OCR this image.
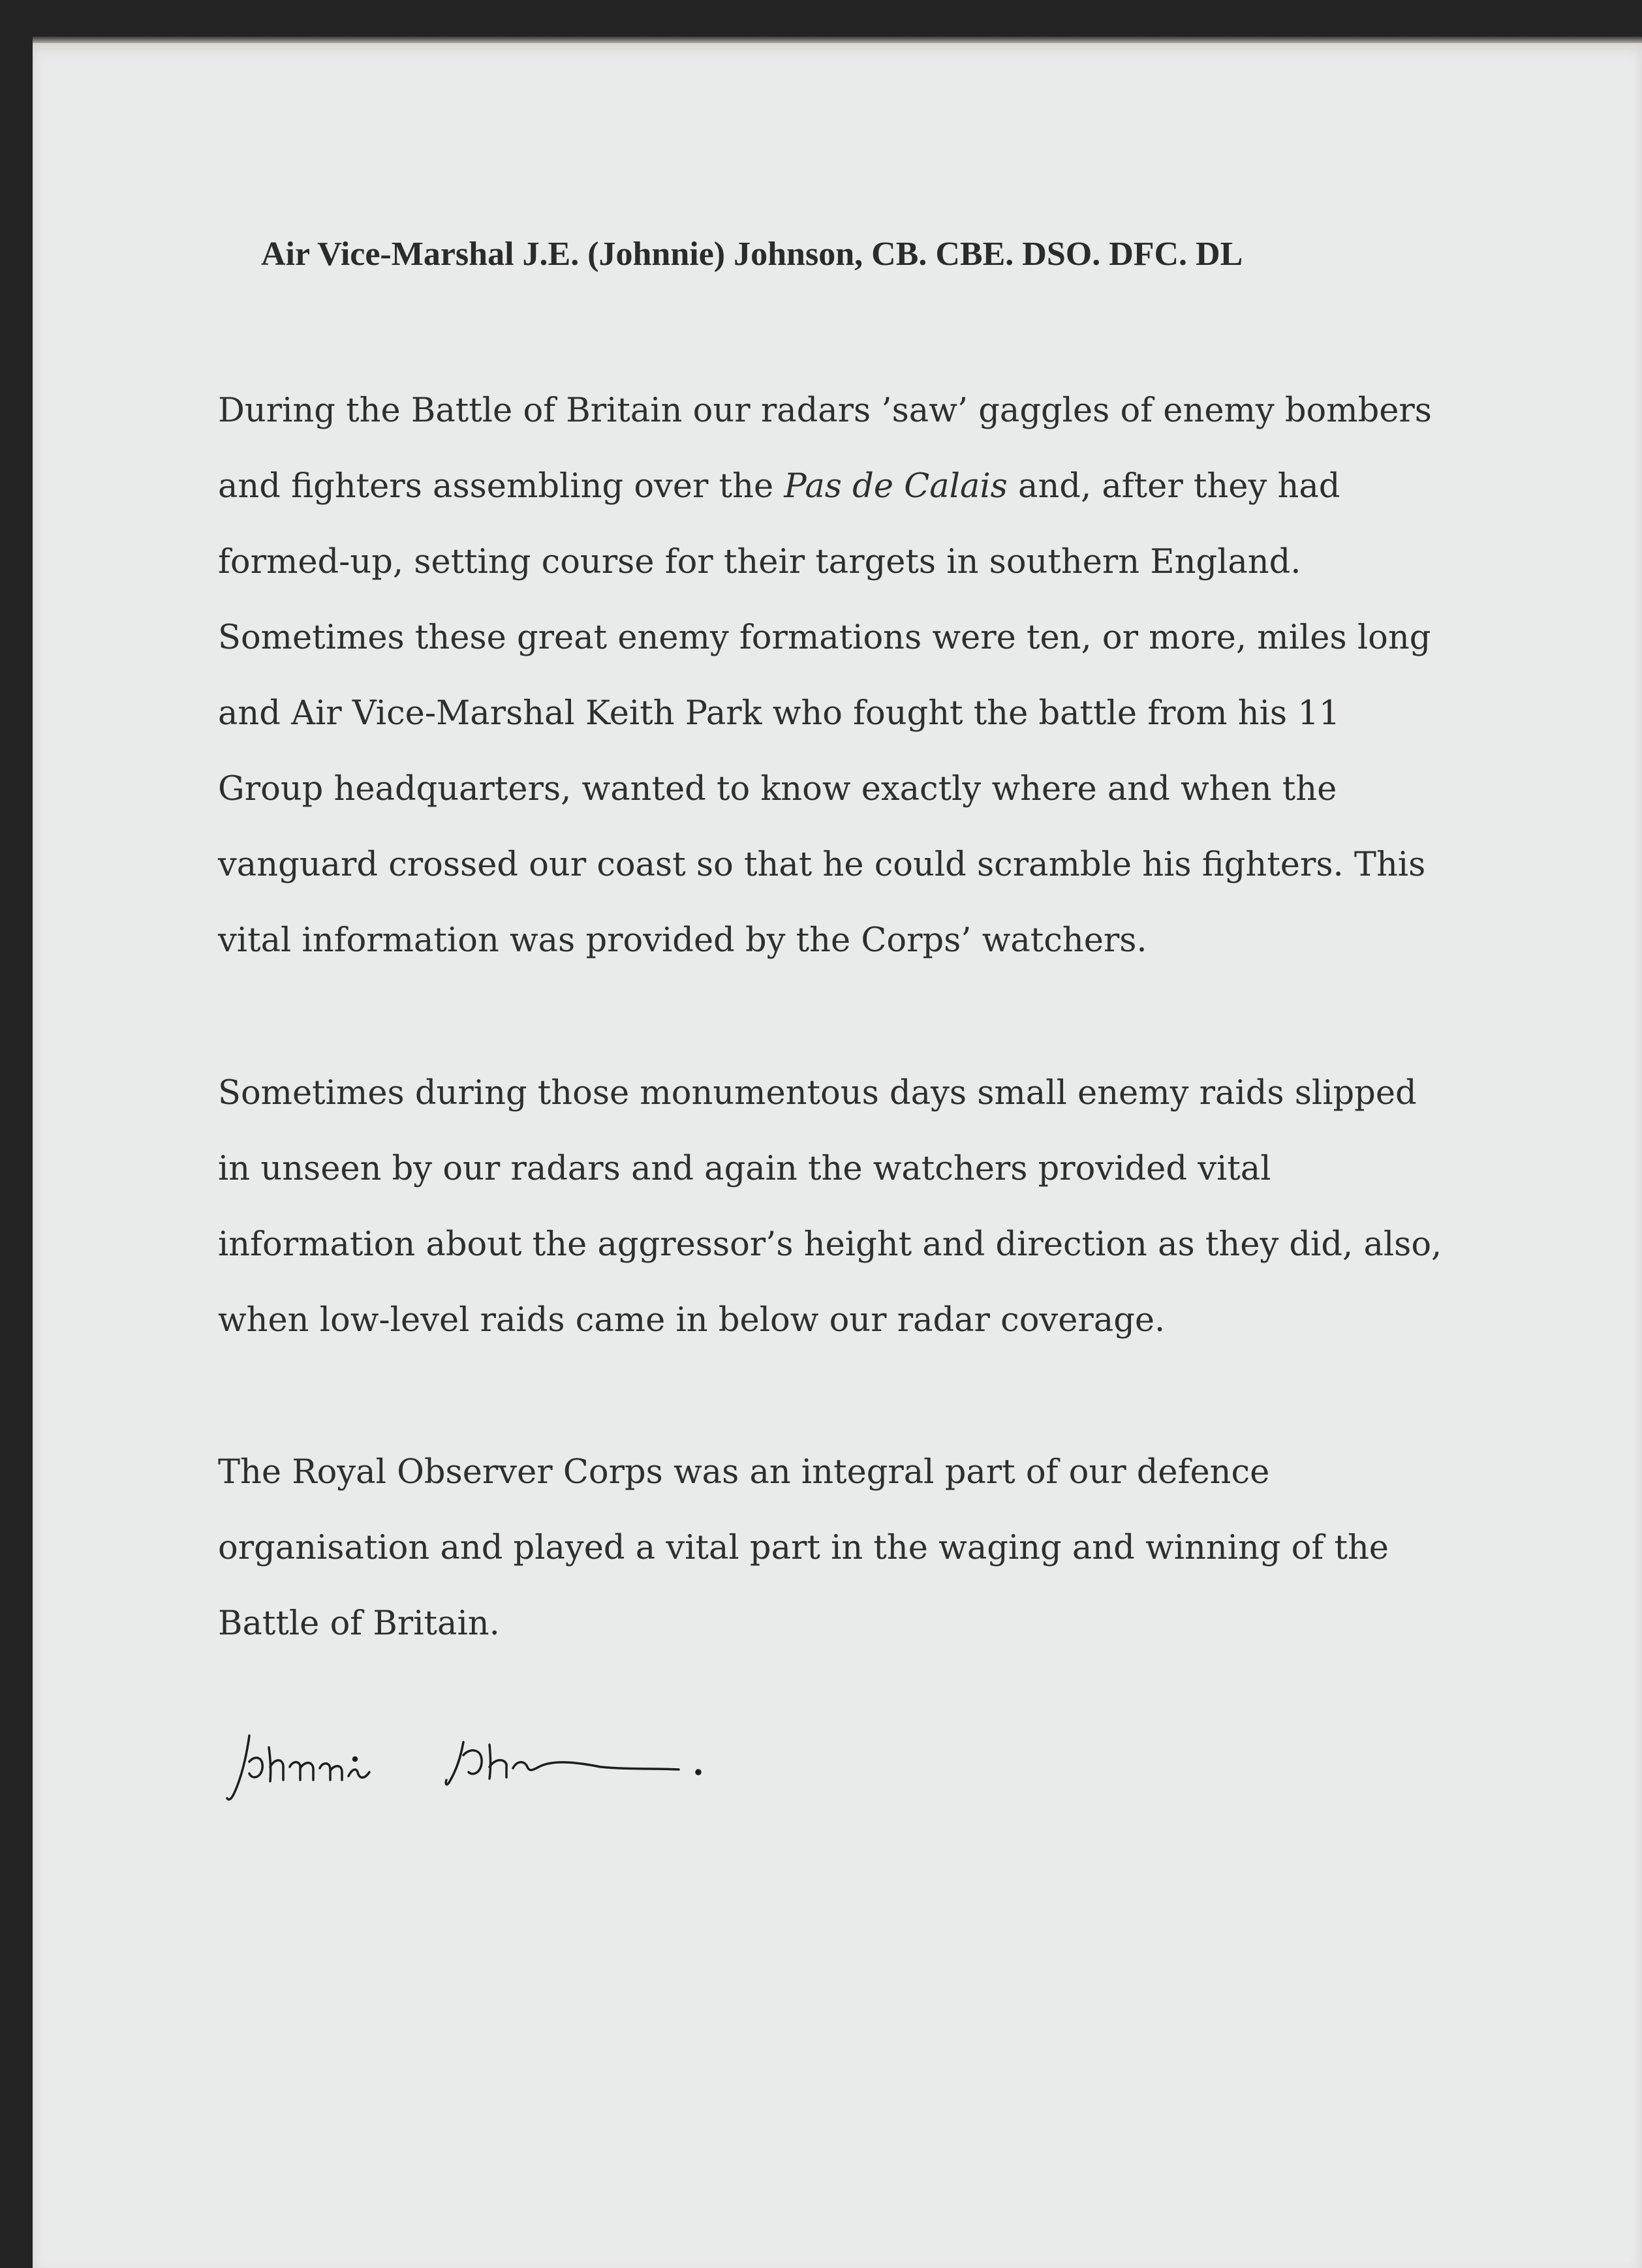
Air Vice-Marshal J.E. (Johnnie) Johnson, CB. CBE. DSO. DFC. DL
During the Battle of Britain our radars ’saw’ gaggles of enemy bombers
and fighters assembling over the Pas de Calais and, after they had
formed-up, setting course for their targets in southern England.
Sometimes these great enemy formations were ten, or more, miles long
and Air Vice-Marshal Keith Park who fought the battle from his 11
Group headquarters, wanted to know exactly where and when the
vanguard crossed our coast so that he could scramble his fighters. This
vital information was provided by the Corps’ watchers.
Sometimes during those monumentous days small enemy raids slipped
in unseen by our radars and again the watchers provided vital
information about the aggressor’s height and direction as they did, also,
when low-level raids came in below our radar coverage.
The Royal Observer Corps was an integral part of our defence
organisation and played a vital part in the waging and winning of the
Battle of Britain.
